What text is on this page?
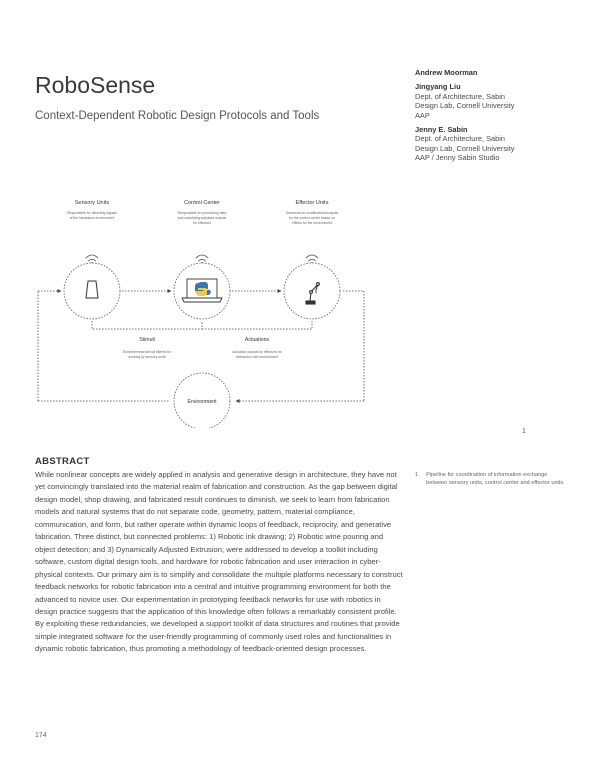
RoboSense

Context-Dependent Robotic Design Protocols and Tools

Andrew Moorman
Jingyang Liu
Dept. of Architecture, Sabin
Design Lab, Cornell University
AAP
Jenny E. Sabin
Dept. of Architecture, Sabin
Design Lab, Cornell University
AAP / Jenny Sabin Studio
Sensory Units
Responsible for detecting signals
of the fabrication environment
Control Center
Responsible for processing data
and calculating adjusted outputs
for effectors
Effector Units
Demands for modifications/outputs
for the control center based on
effects for the environment
Stimuli
Environmental stimuli filtered for
sensing by sensory units
Actuations
Actuation outputs by effectors for
interaction with environment
Environment
1
ABSTRACT

While nonlinear concepts are widely applied in analysis and generative design in architecture, they have not yet convincingly translated into the material realm of fabrication and construction. As the gap between digital design model, shop drawing, and fabricated result continues to diminish, we seek to learn from fabrication models and natural systems that do not separate code, geometry, pattern, material compliance, communication, and form, but rather operate within dynamic loops of feedback, reciprocity, and generative fabrication. Three distinct, but connected problems: 1) Robotic ink drawing; 2) Robotic wine pouring and object detection; and 3) Dynamically Adjusted Extrusion; were addressed to develop a toolkit including software, custom digital design tools, and hardware for robotic fabrication and user interaction in cyber-physical contexts. Our primary aim is to simplify and consolidate the multiple platforms necessary to construct feedback networks for robotic fabrication into a central and intuitive programming environment for both the advanced to novice user. Our experimentation in prototyping feedback networks for use with robotics in design practice suggests that the application of this knowledge often follows a remarkably consistent profile. By exploiting these redundancies, we developed a support toolkit of data structures and routines that provide simple integrated software for the user-friendly programming of commonly used roles and functionalities in dynamic robotic fabrication, thus promoting a methodology of feedback-oriented design processes.

1 Pipeline for coordination of information exchange between sensory units, control center and effector units.
174
